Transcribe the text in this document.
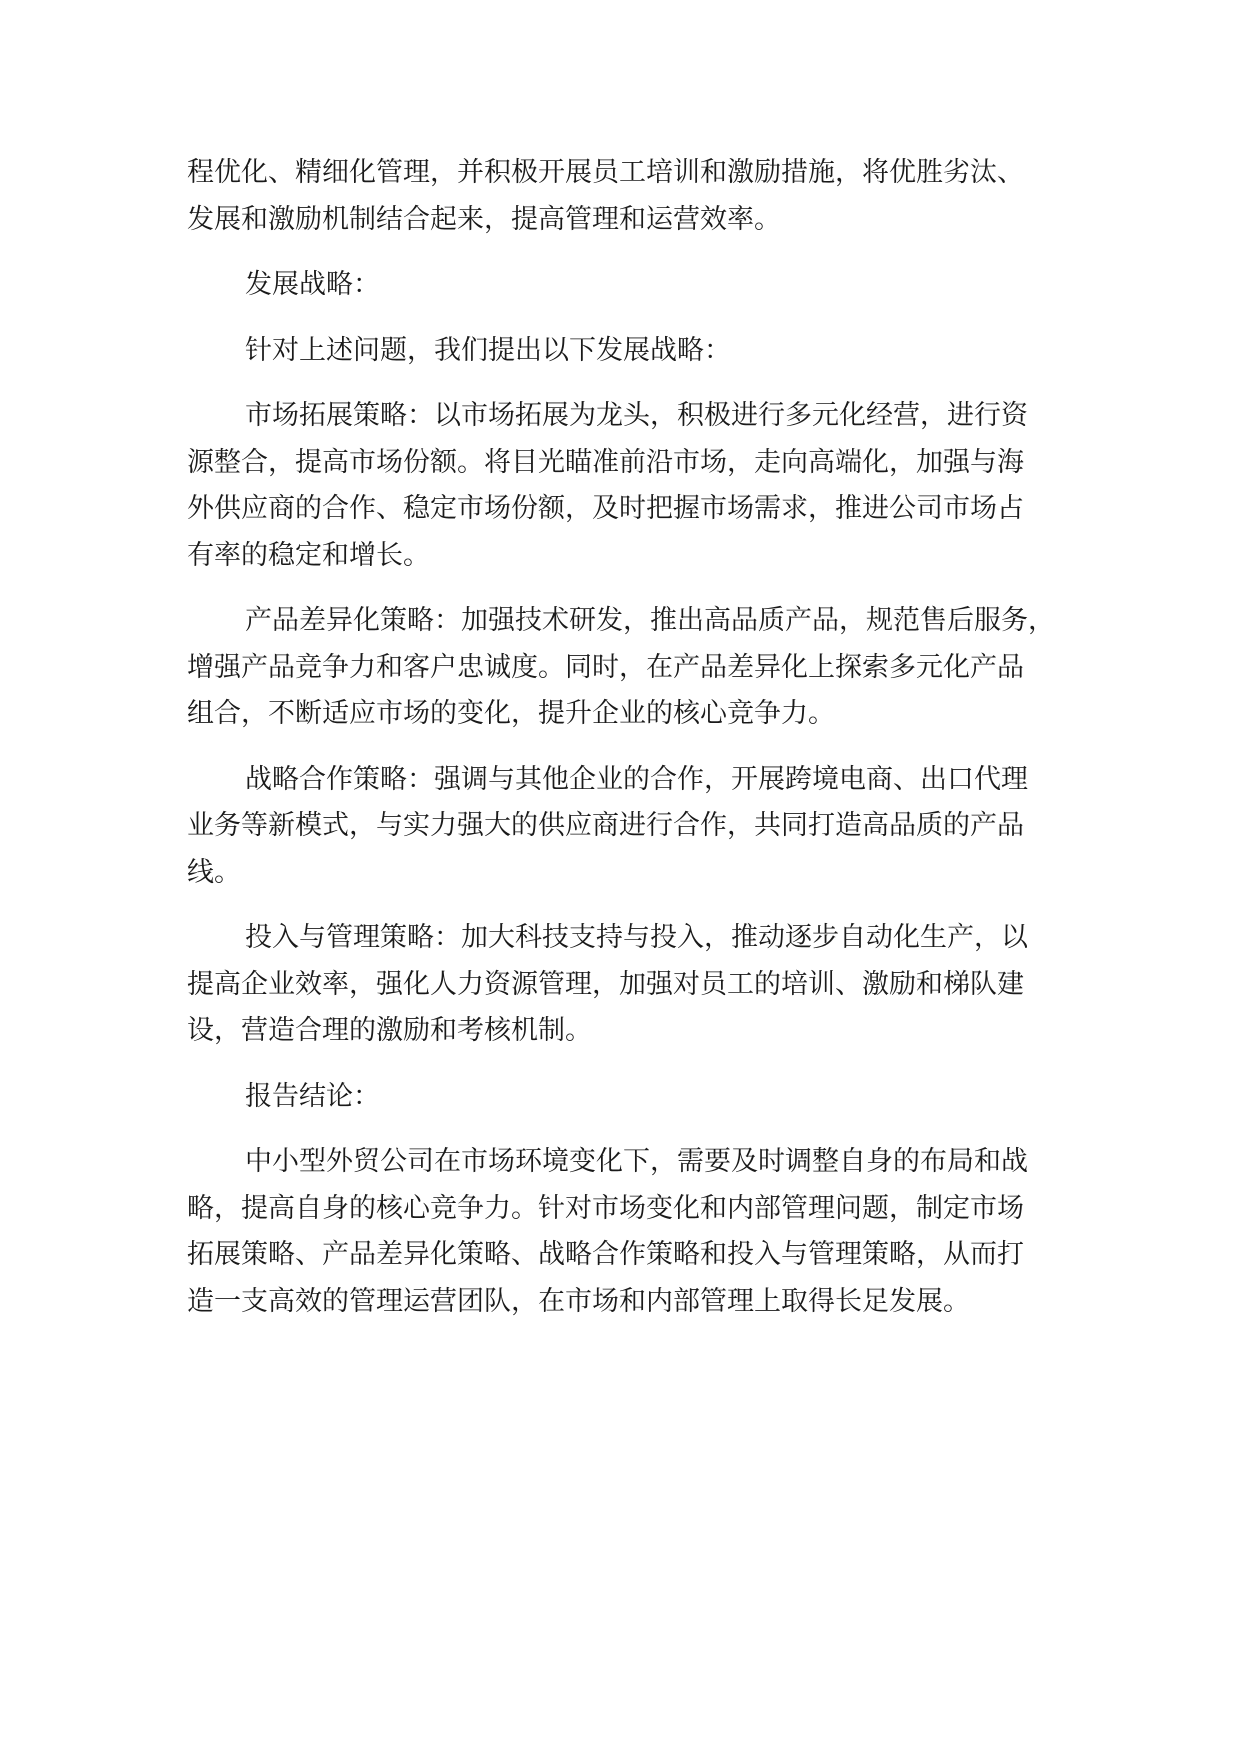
程优化、精细化管理，并积极开展员工培训和激励措施，将优胜劣汰、
发展和激励机制结合起来，提高管理和运营效率。

发展战略：

针对上述问题，我们提出以下发展战略：

市场拓展策略：以市场拓展为龙头，积极进行多元化经营，进行资
源整合，提高市场份额。将目光瞄准前沿市场，走向高端化，加强与海
外供应商的合作、稳定市场份额，及时把握市场需求，推进公司市场占
有率的稳定和增长。

产品差异化策略：加强技术研发，推出高品质产品，规范售后服务，
增强产品竞争力和客户忠诚度。同时，在产品差异化上探索多元化产品
组合，不断适应市场的变化，提升企业的核心竞争力。

战略合作策略：强调与其他企业的合作，开展跨境电商、出口代理
业务等新模式，与实力强大的供应商进行合作，共同打造高品质的产品
线。

投入与管理策略：加大科技支持与投入，推动逐步自动化生产，以
提高企业效率，强化人力资源管理，加强对员工的培训、激励和梯队建
设，营造合理的激励和考核机制。

报告结论：

中小型外贸公司在市场环境变化下，需要及时调整自身的布局和战
略，提高自身的核心竞争力。针对市场变化和内部管理问题，制定市场
拓展策略、产品差异化策略、战略合作策略和投入与管理策略，从而打
造一支高效的管理运营团队，在市场和内部管理上取得长足发展。
